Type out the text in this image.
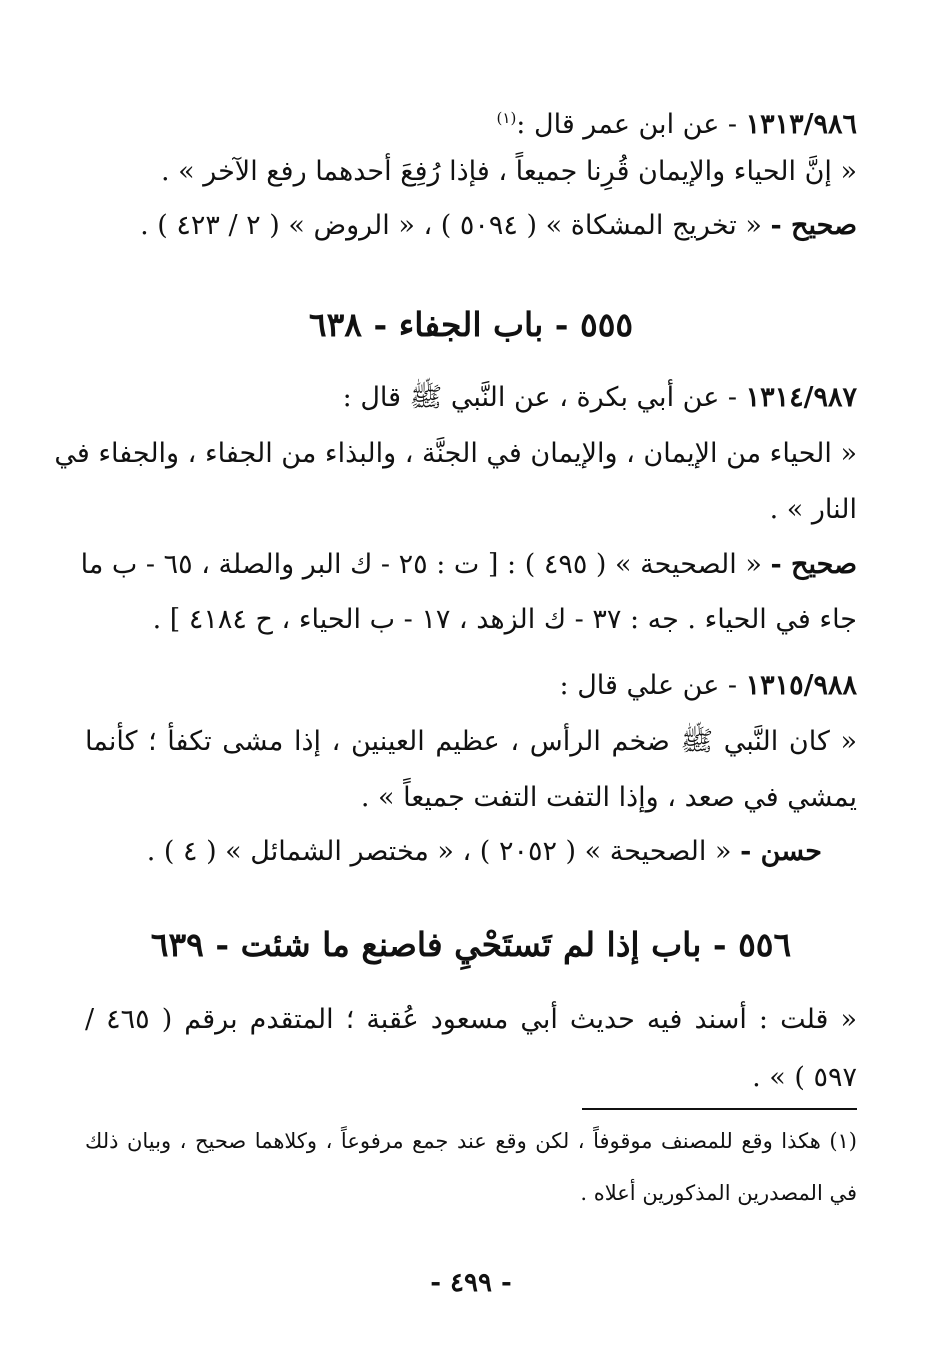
١٣١٣/٩٨٦ - عن ابن عمر قال :$^{(١)}$
« إنَّ الحياء والإيمان قُرِنا جميعاً ، فإذا رُفِعَ أحدهما رفع الآخر » .
صحيح - « تخريج المشكاة » ( ٥٠٩٤ ) ، « الروض » ( ٢ / ٤٢٣ ) .
٥٥٥ - باب الجفاء - ٦٣٨
١٣١٤/٩٨٧ - عن أبي بكرة ، عن النَّبي ﷺ قال :
« الحياء من الإيمان ، والإيمان في الجنَّة ، والبذاء من الجفاء ، والجفاء في
النار » .
صحيح - « الصحيحة » ( ٤٩٥ ) : [ ت : ٢٥ - ك البر والصلة ، ٦٥ - ب ما
جاء في الحياء . جه : ٣٧ - ك الزهد ، ١٧ - ب الحياء ، ح ٤١٨٤ ] .
١٣١٥/٩٨٨ - عن علي قال :
« كان النَّبي ﷺ ضخم الرأس ، عظيم العينين ، إذا مشى تكفأ ؛ كأنما
يمشي في صعد ، وإذا التفت التفت جميعاً » .
حسن - « الصحيحة » ( ٢٠٥٢ ) ، « مختصر الشمائل » ( ٤ ) .
٥٥٦ - باب إذا لم تَستَحْيِ فاصنع ما شئت - ٦٣٩
« قلت : أسند فيه حديث أبي مسعود عُقبة ؛ المتقدم برقم ( ٤٦٥ /
٥٩٧ ) » .
(١) هكذا وقع للمصنف موقوفاً ، لكن وقع عند جمع مرفوعاً ، وكلاهما صحيح ، وبيان ذلك
في المصدرين المذكورين أعلاه .
- ٤٩٩ -
